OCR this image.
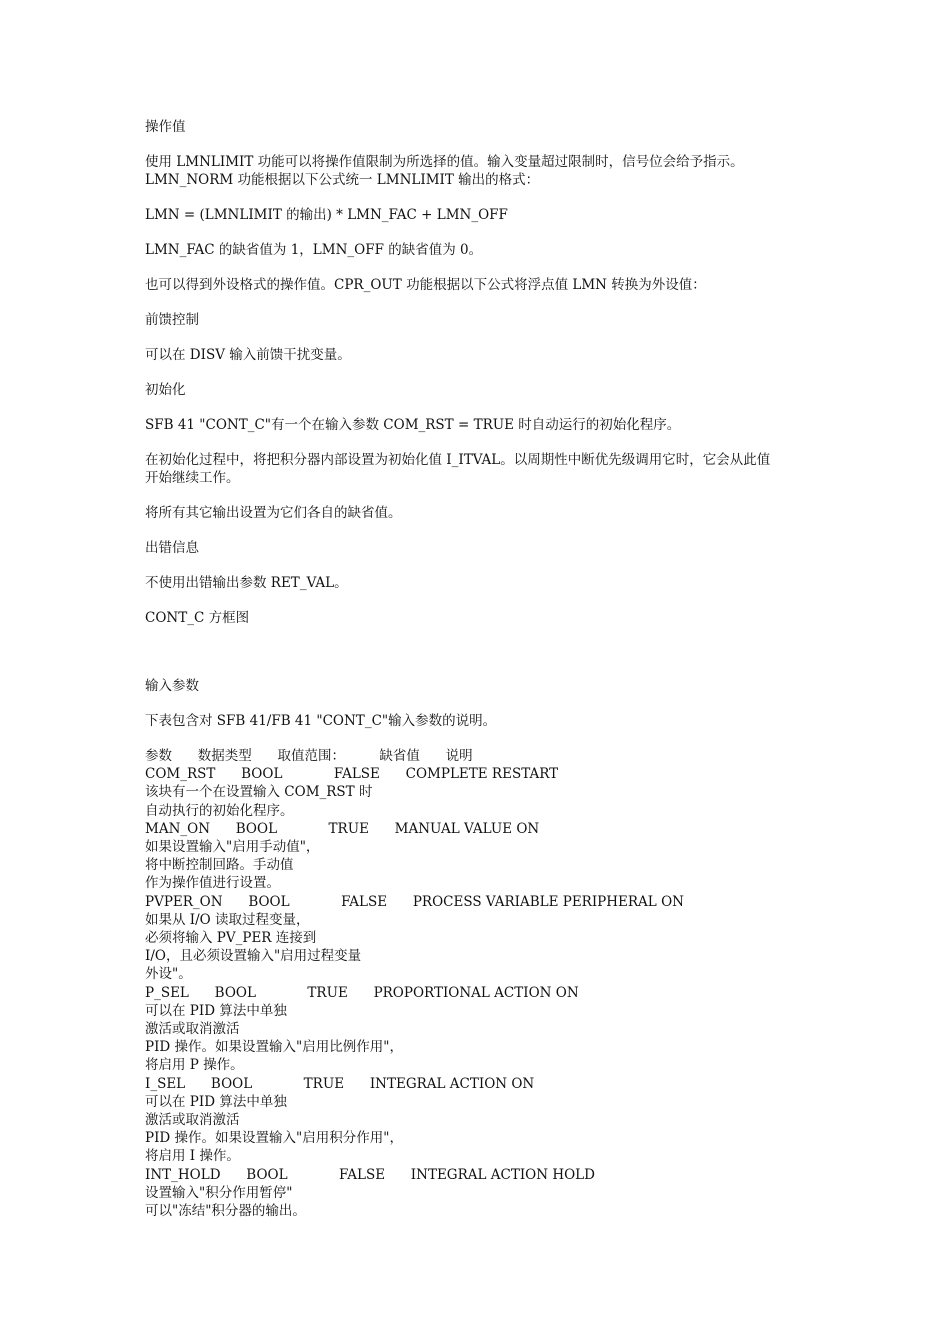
操作值

使用 LMNLIMIT 功能可以将操作值限制为所选择的值。输入变量超过限制时，信号位会给予指示。

LMN_NORM 功能根据以下公式统一 LMNLIMIT 输出的格式：

LMN = (LMNLIMIT 的输出) * LMN_FAC + LMN_OFF

LMN_FAC 的缺省值为 1，LMN_OFF 的缺省值为 0。

也可以得到外设格式的操作值。CPR_OUT 功能根据以下公式将浮点值 LMN 转换为外设值：

前馈控制

可以在 DISV 输入前馈干扰变量。

初始化

SFB 41 "CONT_C"有一个在输入参数 COM_RST = TRUE 时自动运行的初始化程序。

在初始化过程中，将把积分器内部设置为初始化值 I_ITVAL。以周期性中断优先级调用它时，它会从此值

开始继续工作。

将所有其它输出设置为它们各自的缺省值。

出错信息

不使用出错输出参数 RET_VAL。

CONT_C 方框图

输入参数

下表包含对 SFB 41/FB 41 "CONT_C"输入参数的说明。

参数      数据类型      取值范围：        缺省值      说明

COM_RST      BOOL            FALSE      COMPLETE RESTART

该块有一个在设置输入 COM_RST 时

自动执行的初始化程序。

MAN_ON      BOOL            TRUE      MANUAL VALUE ON

如果设置输入"启用手动值"，

将中断控制回路。手动值

作为操作值进行设置。

PVPER_ON      BOOL            FALSE      PROCESS VARIABLE PERIPHERAL ON

如果从 I/O 读取过程变量，

必须将输入 PV_PER 连接到

I/O，且必须设置输入"启用过程变量

外设"。

P_SEL      BOOL            TRUE      PROPORTIONAL ACTION ON

可以在 PID 算法中单独

激活或取消激活

PID 操作。如果设置输入"启用比例作用"，

将启用 P 操作。

I_SEL      BOOL            TRUE      INTEGRAL ACTION ON

可以在 PID 算法中单独

激活或取消激活

PID 操作。如果设置输入"启用积分作用"，

将启用 I 操作。

INT_HOLD      BOOL            FALSE      INTEGRAL ACTION HOLD

设置输入"积分作用暂停"

可以"冻结"积分器的输出。
